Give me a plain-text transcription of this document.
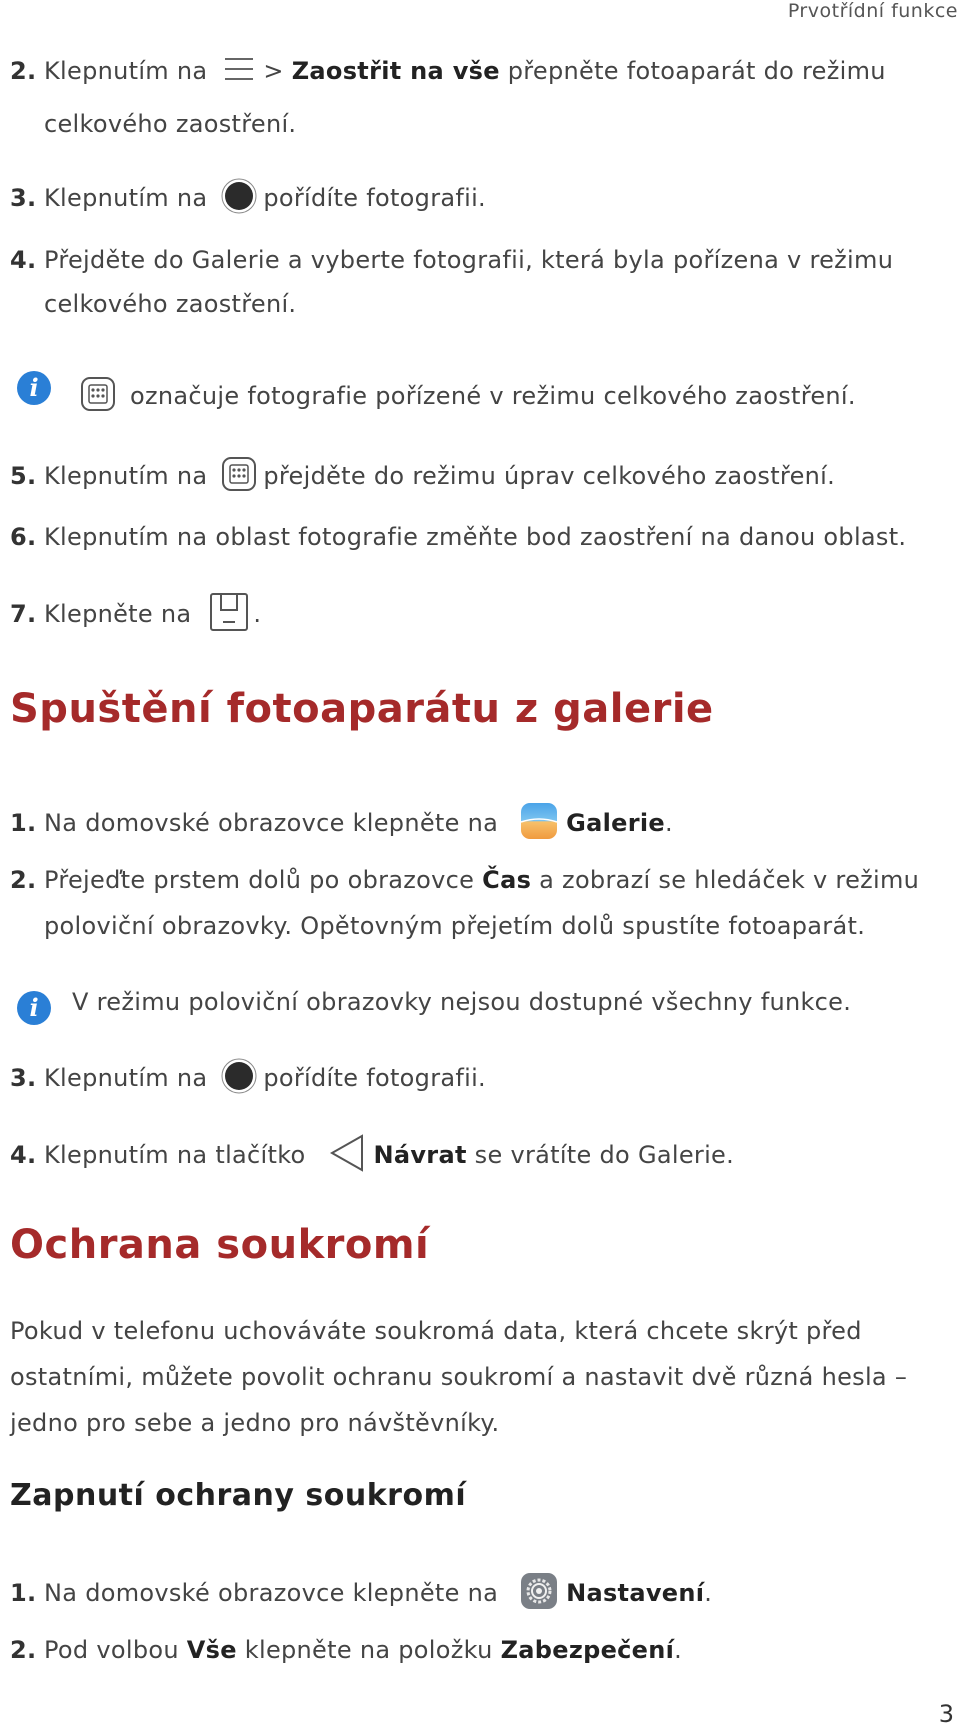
Prvotřídní funkce
2. Klepnutím na > Zaostřit na vše přepněte fotoaparát do režimu
celkového zaostření.
3. Klepnutím na pořídíte fotografii.
4. Přejděte do Galerie a vyberte fotografii, která byla pořízena v režimu
celkového zaostření.
i	označuje fotografie pořízené v režimu celkového zaostření.
5. Klepnutím na přejděte do režimu úprav celkového zaostření.
6. Klepnutím na oblast fotografie změňte bod zaostření na danou oblast.
7. Klepněte na	.
Spuštění fotoaparátu z galerie
1. Na domovské obrazovce klepněte na	Galerie.
2. Přejeďte prstem dolů po obrazovce Čas a zobrazí se hledáček v režimu
poloviční obrazovky. Opětovným přejetím dolů spustíte fotoaparát.
i	V režimu poloviční obrazovky nejsou dostupné všechny funkce.
3. Klepnutím na pořídíte fotografii.
4. Klepnutím na tlačítko	Návrat se vrátíte do Galerie.
Ochrana soukromí
Pokud v telefonu uchováváte soukromá data, která chcete skrýt před ostatními, můžete povolit ochranu soukromí a nastavit dvě různá hesla – jedno pro sebe a jedno pro návštěvníky.
Zapnutí ochrany soukromí
1. Na domovské obrazovce klepněte na	Nastavení.
2. Pod volbou Vše klepněte na položku Zabezpečení.
3
